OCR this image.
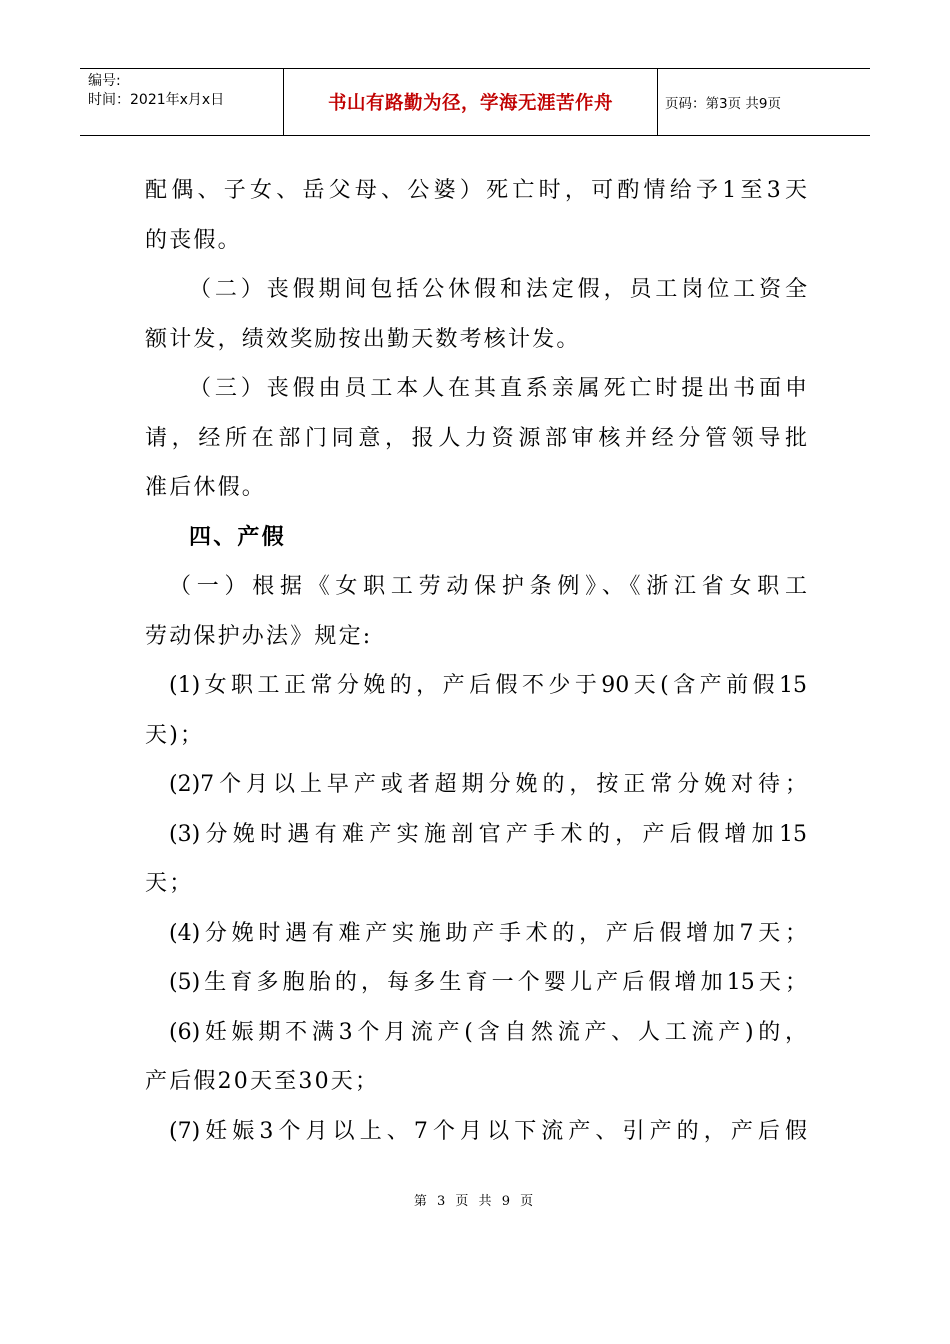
编号:
时间：2021年x月x日	书山有路勤为径，学海无涯苦作舟	页码：第3页 共9页
配偶、子女、岳父母、公婆）死亡时，可酌情给予1至3天
的丧假。
（二）丧假期间包括公休假和法定假，员工岗位工资全
额计发，绩效奖励按出勤天数考核计发。
（三）丧假由员工本人在其直系亲属死亡时提出书面申
请，经所在部门同意，报人力资源部审核并经分管领导批
准后休假。
四、产假
（一）根据《女职工劳动保护条例》、《浙江省女职工
劳动保护办法》规定:
(1)女职工正常分娩的，产后假不少于90天(含产前假15
天)；
(2)7个月以上早产或者超期分娩的，按正常分娩对待；
(3)分娩时遇有难产实施剖官产手术的，产后假增加15
天；
(4)分娩时遇有难产实施助产手术的，产后假增加7天；
(5)生育多胞胎的，每多生育一个婴儿产后假增加15天；
(6)妊娠期不满3个月流产(含自然流产、人工流产)的，
产后假20天至30天；
(7)妊娠3个月以上、7个月以下流产、引产的，产后假
第 3 页 共 9 页
